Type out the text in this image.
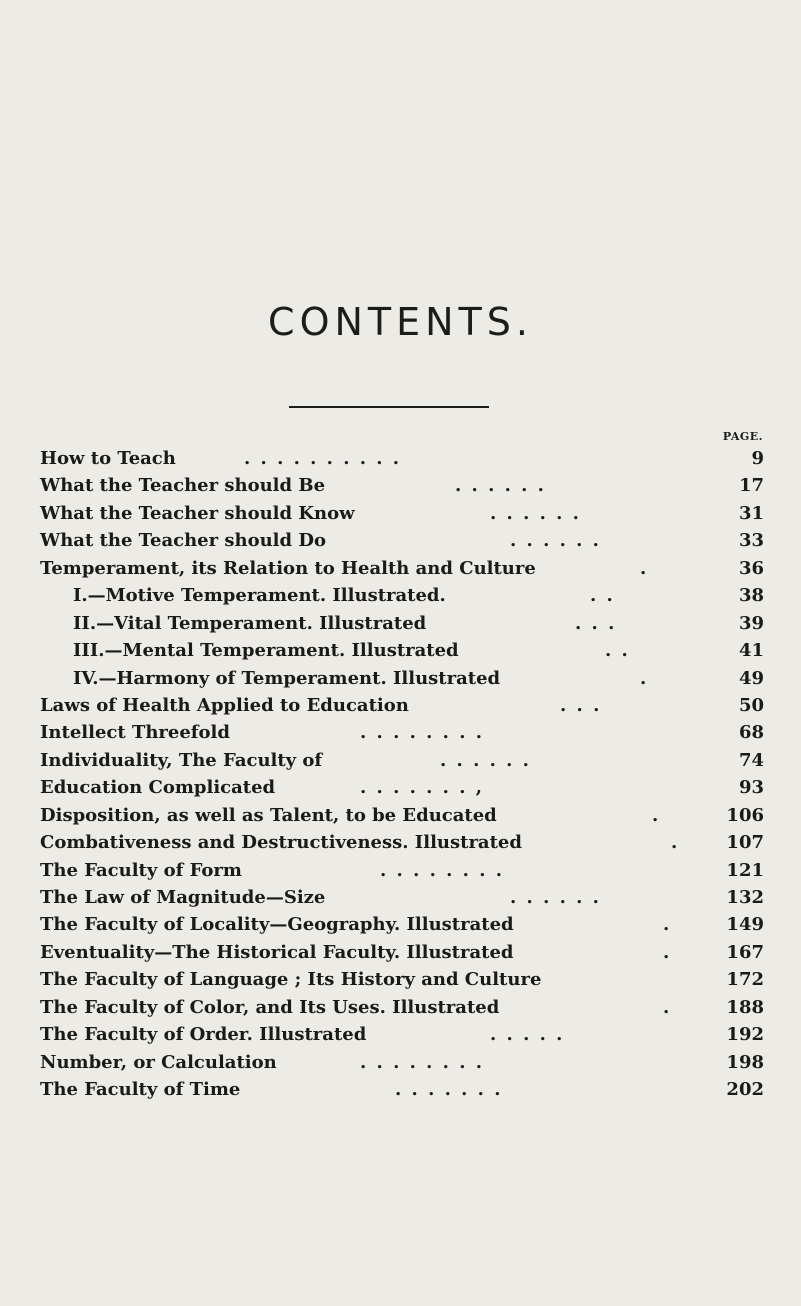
CONTENTS.
PAGE.
How to Teach	. . . . . . . . . .	9
What the Teacher should Be	. . . . . .	17
What the Teacher should Know	. . . . . .	31
What the Teacher should Do	. . . . . .	33
Temperament, its Relation to Health and Culture	.	36
I.—Motive Temperament. Illustrated.	. .	38
II.—Vital Temperament. Illustrated	. . .	39
III.—Mental Temperament. Illustrated	. .	41
IV.—Harmony of Temperament. Illustrated	.	49
Laws of Health Applied to Education	. . .	50
Intellect Threefold	. . . . . . . .	68
Individuality, The Faculty of	. . . . . .	74
Education Complicated	. . . . . . . ,	93
Disposition, as well as Talent, to be Educated	.	106
Combativeness and Destructiveness. Illustrated	.	107
The Faculty of Form	. . . . . . . .	121
The Law of Magnitude—Size	. . . . . .	132
The Faculty of Locality—Geography. Illustrated	.	149
Eventuality—The Historical Faculty. Illustrated	.	167
The Faculty of Language ; Its History and Culture	172
The Faculty of Color, and Its Uses. Illustrated	.	188
The Faculty of Order. Illustrated	. . . . .	192
Number, or Calculation	. . . . . . . .	198
The Faculty of Time	. . . . . . .	202
